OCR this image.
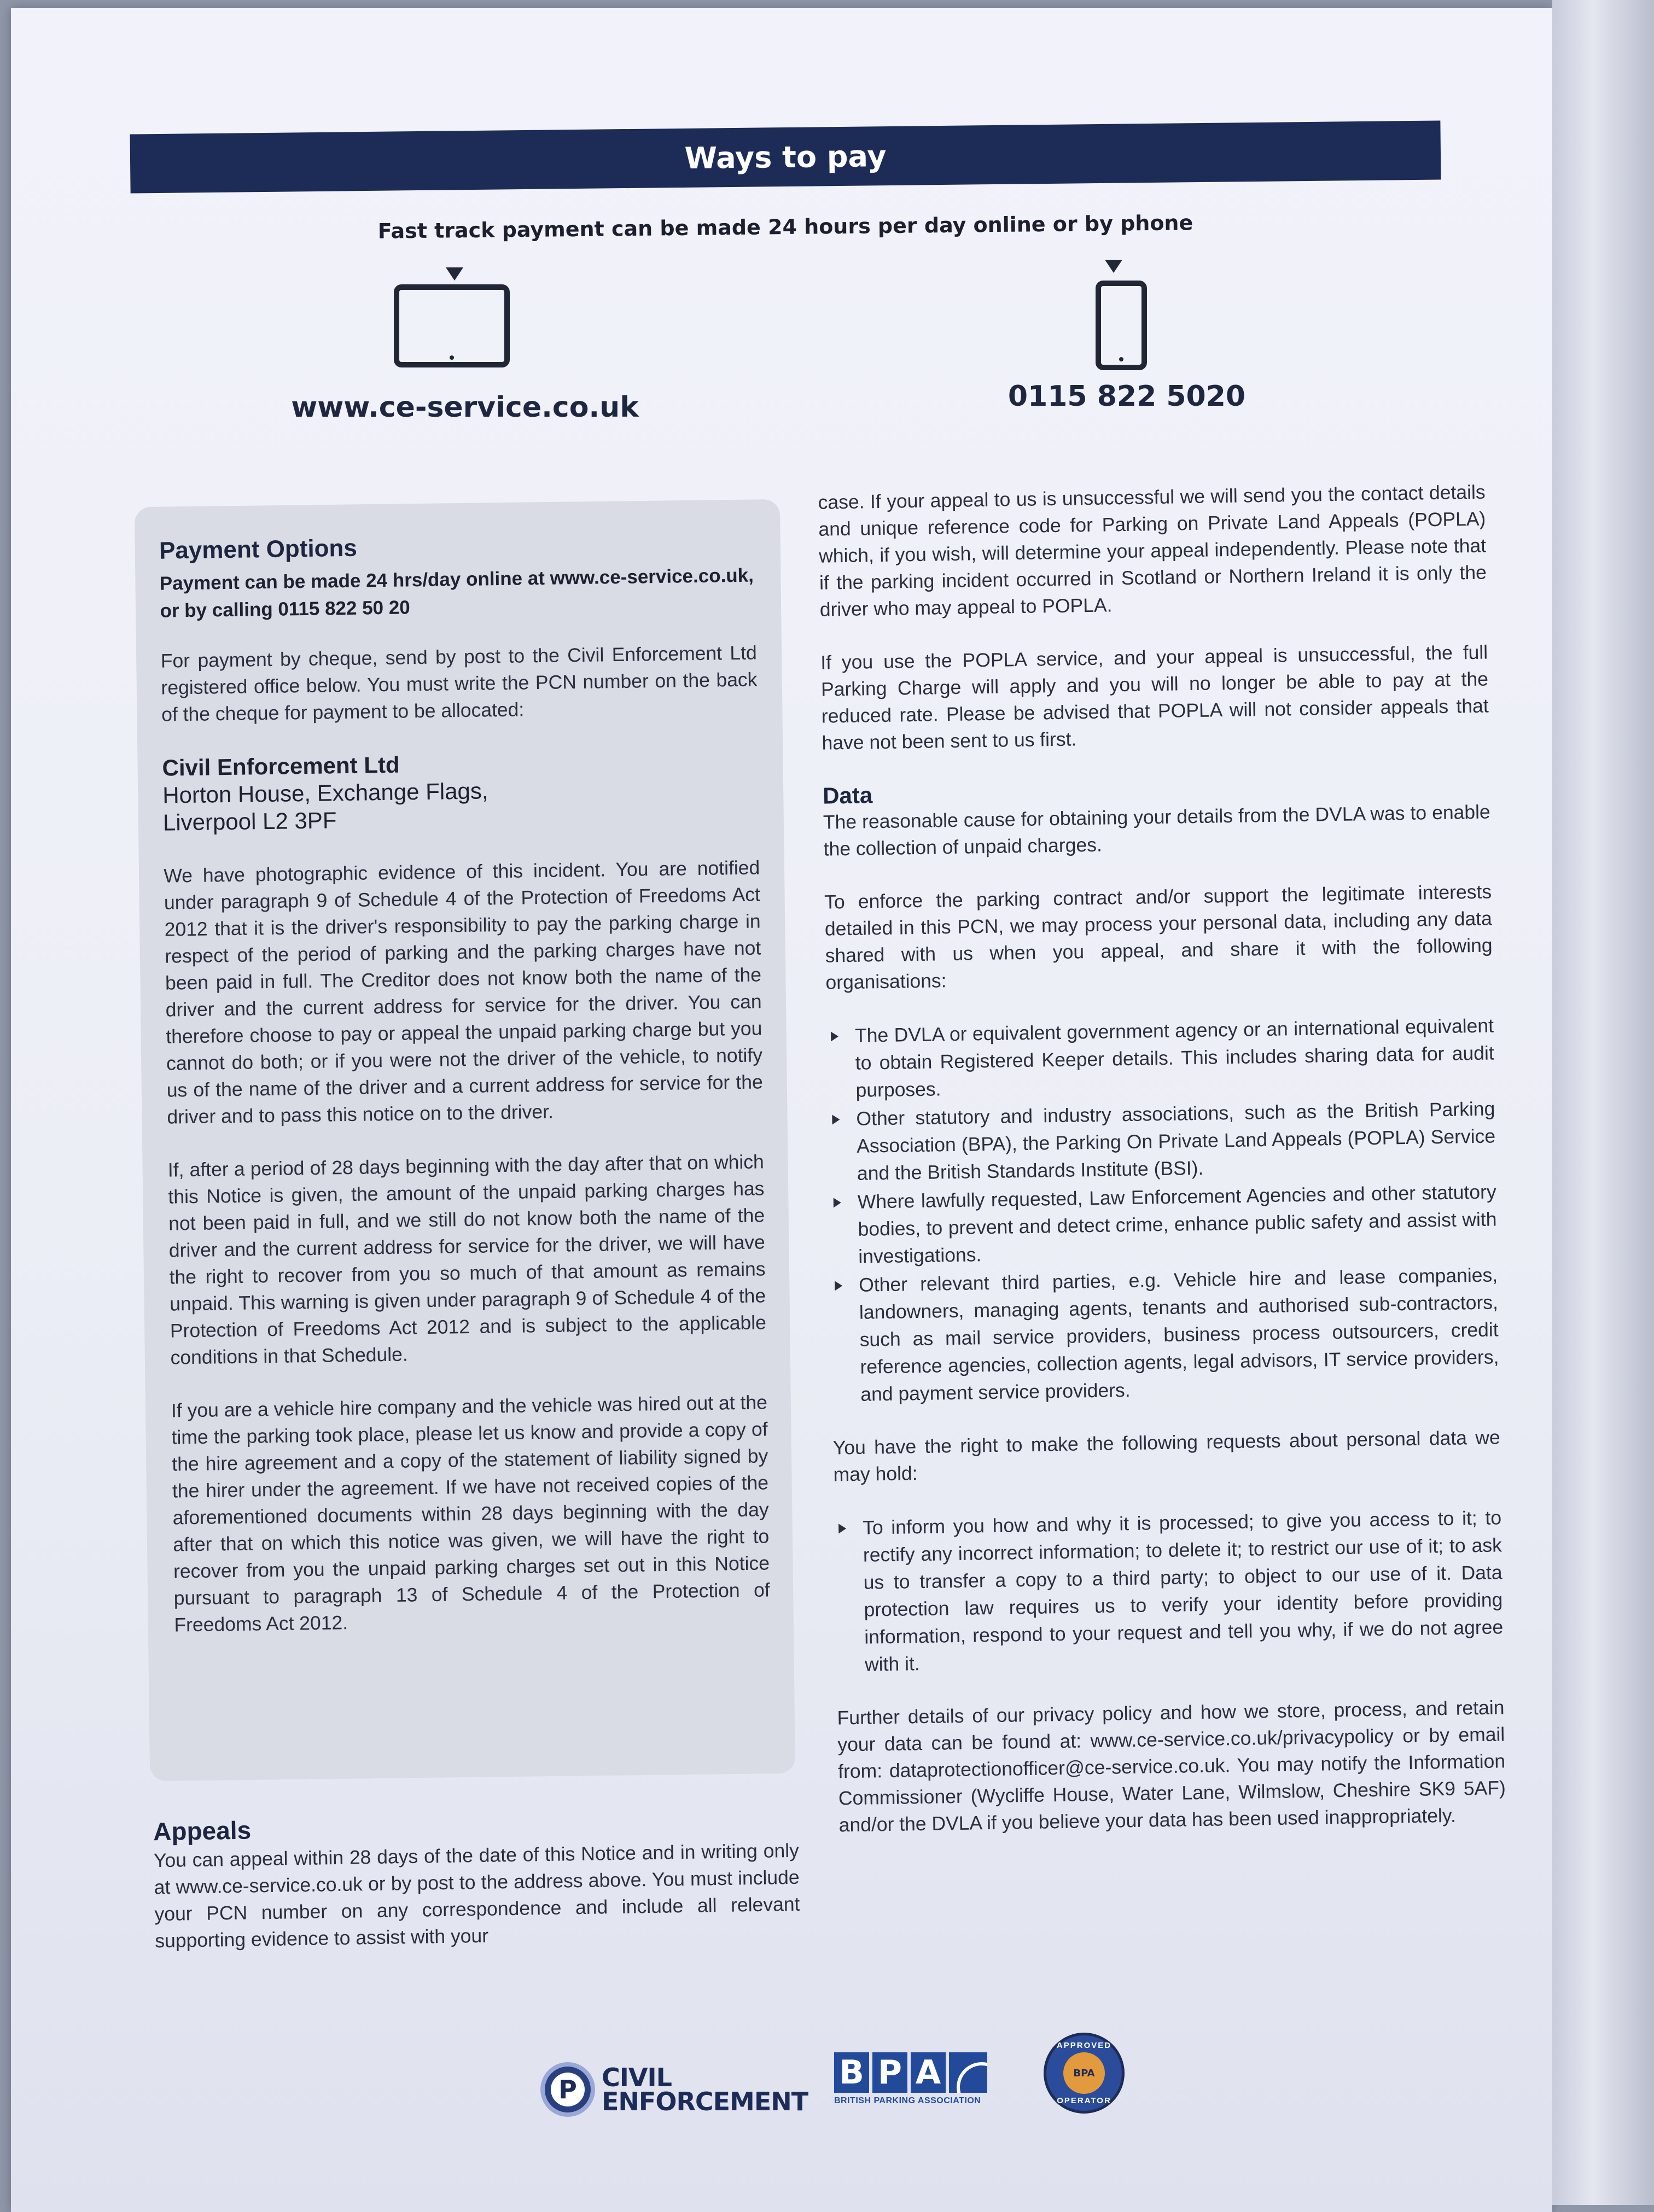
Ways to pay
Fast track payment can be made 24 hours per day online or by phone
www.ce-service.co.uk	0115 822 5020
Payment Options

Payment can be made 24 hrs/day online at www.ce-service.co.uk, or by calling 0115 822 50 20

For payment by cheque, send by post to the Civil Enforcement Ltd registered office below. You must write the PCN number on the back of the cheque for payment to be allocated:

Civil Enforcement Ltd
Horton House, Exchange Flags,
Liverpool L2 3PF

We have photographic evidence of this incident. You are notified under paragraph 9 of Schedule 4 of the Protection of Freedoms Act 2012 that it is the driver's responsibility to pay the parking charge in respect of the period of parking and the parking charges have not been paid in full. The Creditor does not know both the name of the driver and the current address for service for the driver. You can therefore choose to pay or appeal the unpaid parking charge but you cannot do both; or if you were not the driver of the vehicle, to notify us of the name of the driver and a current address for service for the driver and to pass this notice on to the driver.

If, after a period of 28 days beginning with the day after that on which this Notice is given, the amount of the unpaid parking charges has not been paid in full, and we still do not know both the name of the driver and the current address for service for the driver, we will have the right to recover from you so much of that amount as remains unpaid. This warning is given under paragraph 9 of Schedule 4 of the Protection of Freedoms Act 2012 and is subject to the applicable conditions in that Schedule.

If you are a vehicle hire company and the vehicle was hired out at the time the parking took place, please let us know and provide a copy of the hire agreement and a copy of the statement of liability signed by the hirer under the agreement. If we have not received copies of the aforementioned documents within 28 days beginning with the day after that on which this notice was given, we will have the right to recover from you the unpaid parking charges set out in this Notice pursuant to paragraph 13 of Schedule 4 of the Protection of Freedoms Act 2012.

Appeals

You can appeal within 28 days of the date of this Notice and in writing only at www.ce-service.co.uk or by post to the address above. You must include your PCN number on any correspondence and include all relevant supporting evidence to assist with your

case. If your appeal to us is unsuccessful we will send you the contact details and unique reference code for Parking on Private Land Appeals (POPLA) which, if you wish, will determine your appeal independently. Please note that if the parking incident occurred in Scotland or Northern Ireland it is only the driver who may appeal to POPLA.

If you use the POPLA service, and your appeal is unsuccessful, the full Parking Charge will apply and you will no longer be able to pay at the reduced rate. Please be advised that POPLA will not consider appeals that have not been sent to us first.

Data

The reasonable cause for obtaining your details from the DVLA was to enable the collection of unpaid charges.

To enforce the parking contract and/or support the legitimate interests detailed in this PCN, we may process your personal data, including any data shared with us when you appeal, and share it with the following organisations:

The DVLA or equivalent government agency or an international equivalent to obtain Registered Keeper details. This includes sharing data for audit purposes.
Other statutory and industry associations, such as the British Parking Association (BPA), the Parking On Private Land Appeals (POPLA) Service and the British Standards Institute (BSI).
Where lawfully requested, Law Enforcement Agencies and other statutory bodies, to prevent and detect crime, enhance public safety and assist with investigations.
Other relevant third parties, e.g. Vehicle hire and lease companies, landowners, managing agents, tenants and authorised sub-contractors, such as mail service providers, business process outsourcers, credit reference agencies, collection agents, legal advisors, IT service providers, and payment service providers.

You have the right to make the following requests about personal data we may hold:

To inform you how and why it is processed; to give you access to it; to rectify any incorrect information; to delete it; to restrict our use of it; to ask us to transfer a copy to a third party; to object to our use of it. Data protection law requires us to verify your identity before providing information, respond to your request and tell you why, if we do not agree with it.

Further details of our privacy policy and how we store, process, and retain your data can be found at: www.ce-service.co.uk/privacypolicy or by email from: dataprotectionofficer@ce-service.co.uk. You may notify the Information Commissioner (Wycliffe House, Water Lane, Wilmslow, Cheshire SK9 5AF) and/or the DVLA if you believe your data has been used inappropriately.

P CIVIL
ENFORCEMENT
B P A
BRITISH PARKING ASSOCIATION
APPROVED
BPA
OPERATOR
